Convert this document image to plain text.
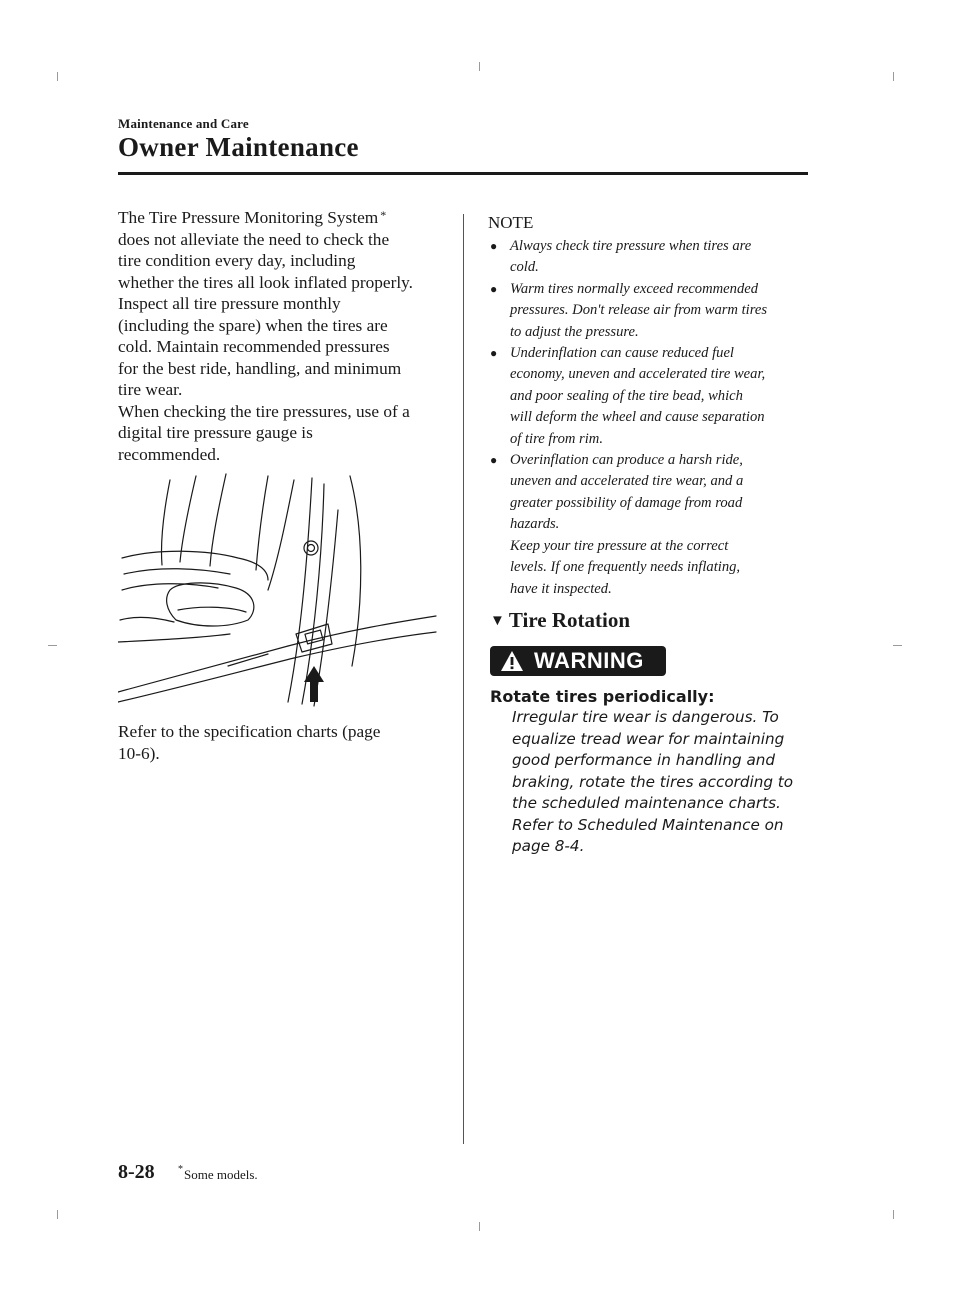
Maintenance and Care
Owner Maintenance
The Tire Pressure Monitoring System *
does not alleviate the need to check the
tire condition every day, including
whether the tires all look inflated properly.
Inspect all tire pressure monthly
(including the spare) when the tires are
cold. Maintain recommended pressures
for the best ride, handling, and minimum
tire wear.
When checking the tire pressures, use of a
digital tire pressure gauge is
recommended.
Refer to the specification charts (page
10-6).
NOTE
● Always check tire pressure when tires are
cold.
● Warm tires normally exceed recommended
pressures. Don't release air from warm tires
to adjust the pressure.
● Underinflation can cause reduced fuel
economy, uneven and accelerated tire wear,
and poor sealing of the tire bead, which
will deform the wheel and cause separation
of tire from rim.
● Overinflation can produce a harsh ride,
uneven and accelerated tire wear, and a
greater possibility of damage from road
hazards.
Keep your tire pressure at the correct
levels. If one frequently needs inflating,
have it inspected.
▼ Tire Rotation
WARNING
Rotate tires periodically:
Irregular tire wear is dangerous. To
equalize tread wear for maintaining
good performance in handling and
braking, rotate the tires according to
the scheduled maintenance charts.
Refer to Scheduled Maintenance on
page 8-4.
8-28 *Some models.
